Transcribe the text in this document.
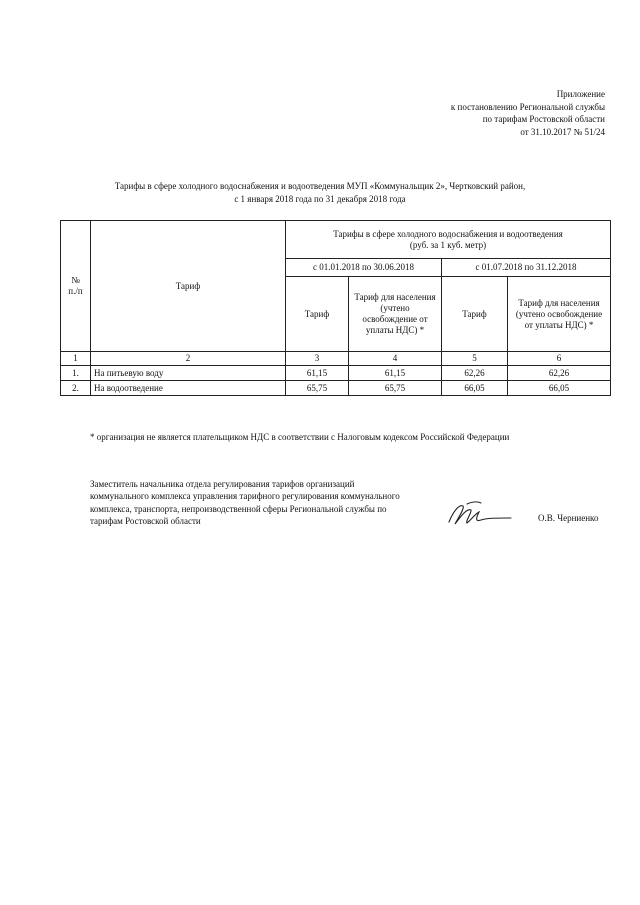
Приложение
к постановлению Региональной службы
по тарифам Ростовской области
от 31.10.2017 № 51/24
Тарифы в сфере холодного водоснабжения и водоотведения МУП «Коммунальщик 2», Чертковский район,
с 1 января 2018 года по 31 декабря 2018 года
№
п./п	Тариф	Тарифы в сфере холодного водоснабжения и водоотведения
(руб. за 1 куб. метр)			
		с 01.01.2018 по 30.06.2018		с 01.07.2018 по 31.12.2018	
		Тариф	Тариф для населения (учтено освобождение от уплаты НДС) *	Тариф	Тариф для населения (учтено освобождение от уплаты НДС) *
1	2	3	4	5	6
1.	На питьевую воду	61,15	61,15	62,26	62,26
2.	На водоотведение	65,75	65,75	66,05	66,05
* организация не является плательщиком НДС в соответствии с Налоговым кодексом Российской Федерации
Заместитель начальника отдела регулирования тарифов организаций
коммунального комплекса управления тарифного регулирования коммунального
комплекса, транспорта, непроизводственной сферы Региональной службы по
тарифам Ростовской области	О.В. Черниенко
